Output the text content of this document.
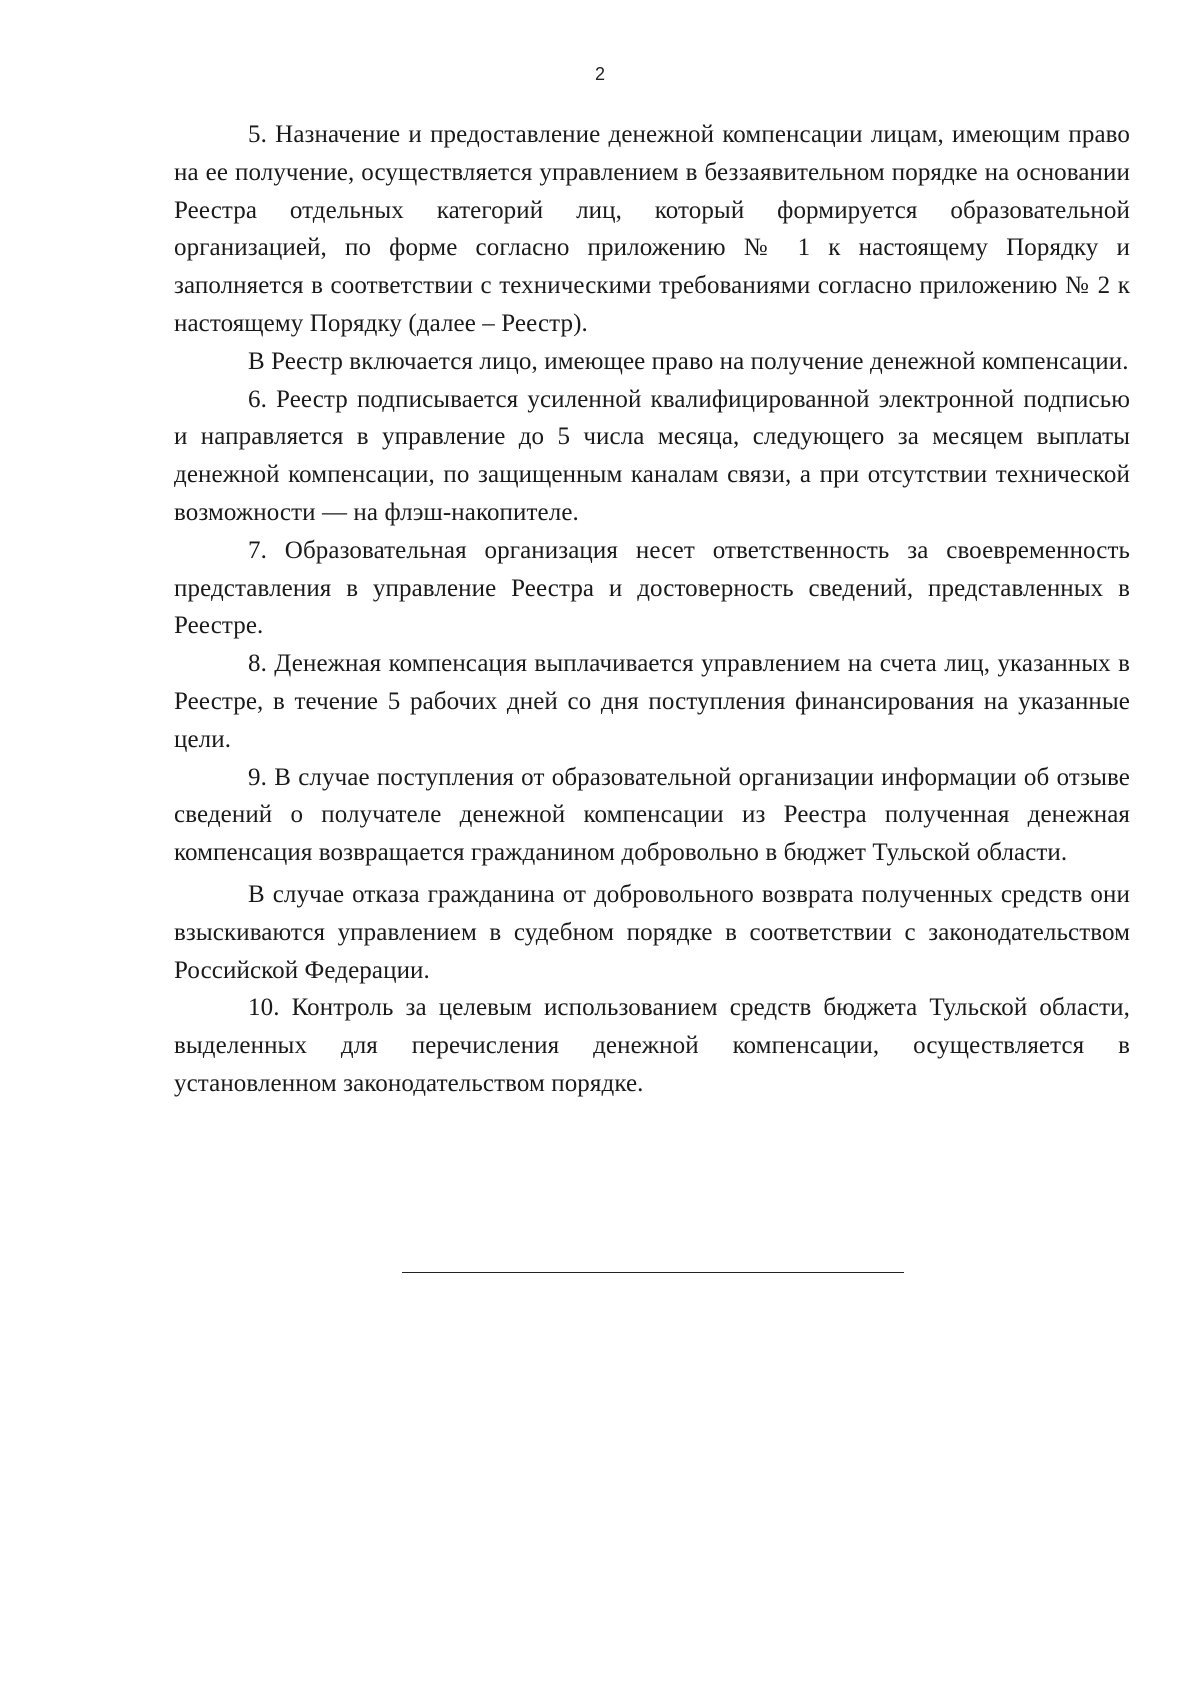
2

5. Назначение и предоставление денежной компенсации лицам, имеющим право на ее получение, осуществляется управлением в беззаявительном порядке на основании Реестра отдельных категорий лиц, который формируется образовательной организацией, по форме согласно приложению № 1 к настоящему Порядку и заполняется в соответствии с техническими требованиями согласно приложению № 2 к настоящему Порядку (далее – Реестр).

В Реестр включается лицо, имеющее право на получение денежной компенсации.

6. Реестр подписывается усиленной квалифицированной электронной подписью и направляется в управление до 5 числа месяца, следующего за месяцем выплаты денежной компенсации, по защищенным каналам связи, а при отсутствии технической возможности — на флэш-накопителе.

7. Образовательная организация несет ответственность за своевременность представления в управление Реестра и достоверность сведений, представленных в Реестре.

8. Денежная компенсация выплачивается управлением на счета лиц, указанных в Реестре, в течение 5 рабочих дней со дня поступления финансирования на указанные цели.

9. В случае поступления от образовательной организации информации об отзыве сведений о получателе денежной компенсации из Реестра полученная денежная компенсация возвращается гражданином добровольно в бюджет Тульской области.

В случае отказа гражданина от добровольного возврата полученных средств они взыскиваются управлением в судебном порядке в соответствии с законодательством Российской Федерации.

10. Контроль за целевым использованием средств бюджета Тульской области, выделенных для перечисления денежной компенсации, осуществляется в установленном законодательством порядке.
